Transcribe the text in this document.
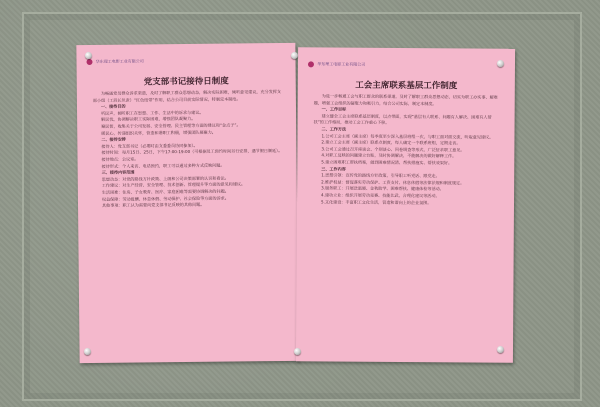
华东理工电影工业有限公司
党支部书记接待日制度

为畅通党员群众诉求渠道，及时了解职工群众思想动态，解决实际困难，倾听意见建议，充分发挥支部小组（工段长负责）“红色纽带”作用，结合公司目前实际情况，特制定本制度。

一、接待目的

听民声，倾听职工在思想、工作、生活中的诉求与建议。

解民忧，协调解决职工实际困难，增强团队凝聚力。

聚民智，收集关于公司发展、安全管理、民主管理等方面的建议和“金点子”。

暖民心，传递组织关怀，营造和谐职工积极，增强团队凝聚力。

二、接待安排

接待人：党支部书记（必要时由支委委员协同参加）。

接待时间：每月15日、25日，下午17:00-19:00（可根据员工预约时间另行安排，遇节假日顺延）。

接待地点：会议室。

接待形式：个人来访、电话预约，职工可以通过多种方式反映问题。

三、接待内容范围

思想动态：对党的路线方针政策、上级和公司决策部署的认识和看法。

工作建议：对生产经营、安全管理、技术创新、管理提升等方面的意见和建议。

生活困难：住房、子女教育、医疗、家庭困难等需要协调解决的问题。

权益保障：劳动报酬、休息休假、劳动保护、社会保险等方面的诉求。

其他事项：职工认为需要向党支部书记反映的其他问题。

华东理工电影工业有限公司
工会主席联系基层工作制度

为进一步畅通工会与职工群众的联系渠道，及时了解职工群众思想动态，切实为职工办实事、解难题，增强工会组织的凝聚力和吸引力，结合公司实际，制定本制度。

一、工作目标

建立健全工会主席联系基层制度，以点带面，实现“基层有人联系、问题有人解决、困难有人帮扶”的工作格局，推动工会工作重心下移。

二、工作方法

1.公司工会主席（副主席）每季度至少深入基层班组一次，与职工面对面交流，听取意见建议。

2.建立工会主席（副主席）联系点制度，每人确定一个联系班组，定期走访。

3.公司工会通过召开座谈会、个别谈心、问卷调查等形式，广泛征求职工意见。

4.对职工反映的问题建立台账，及时协调解决，不能解决的做好解释工作。

5.建立困难职工帮扶档案，做到困难情况清、帮扶措施实、帮扶效果好。

三、工作内容

1.思想引领：宣传党的路线方针政策，引导职工听党话、跟党走。

2.维护权益：督促落实劳动保护、工资支付、休息休假等法律法规和制度规定。

3.服务职工：开展送温暖、金秋助学、困难帮扶、健康体检等活动。

4.建功立业：组织开展劳动竞赛、技能比武、合理化建议等活动。

5.文化建设：丰富职工文化生活，营造和谐向上的企业氛围。
